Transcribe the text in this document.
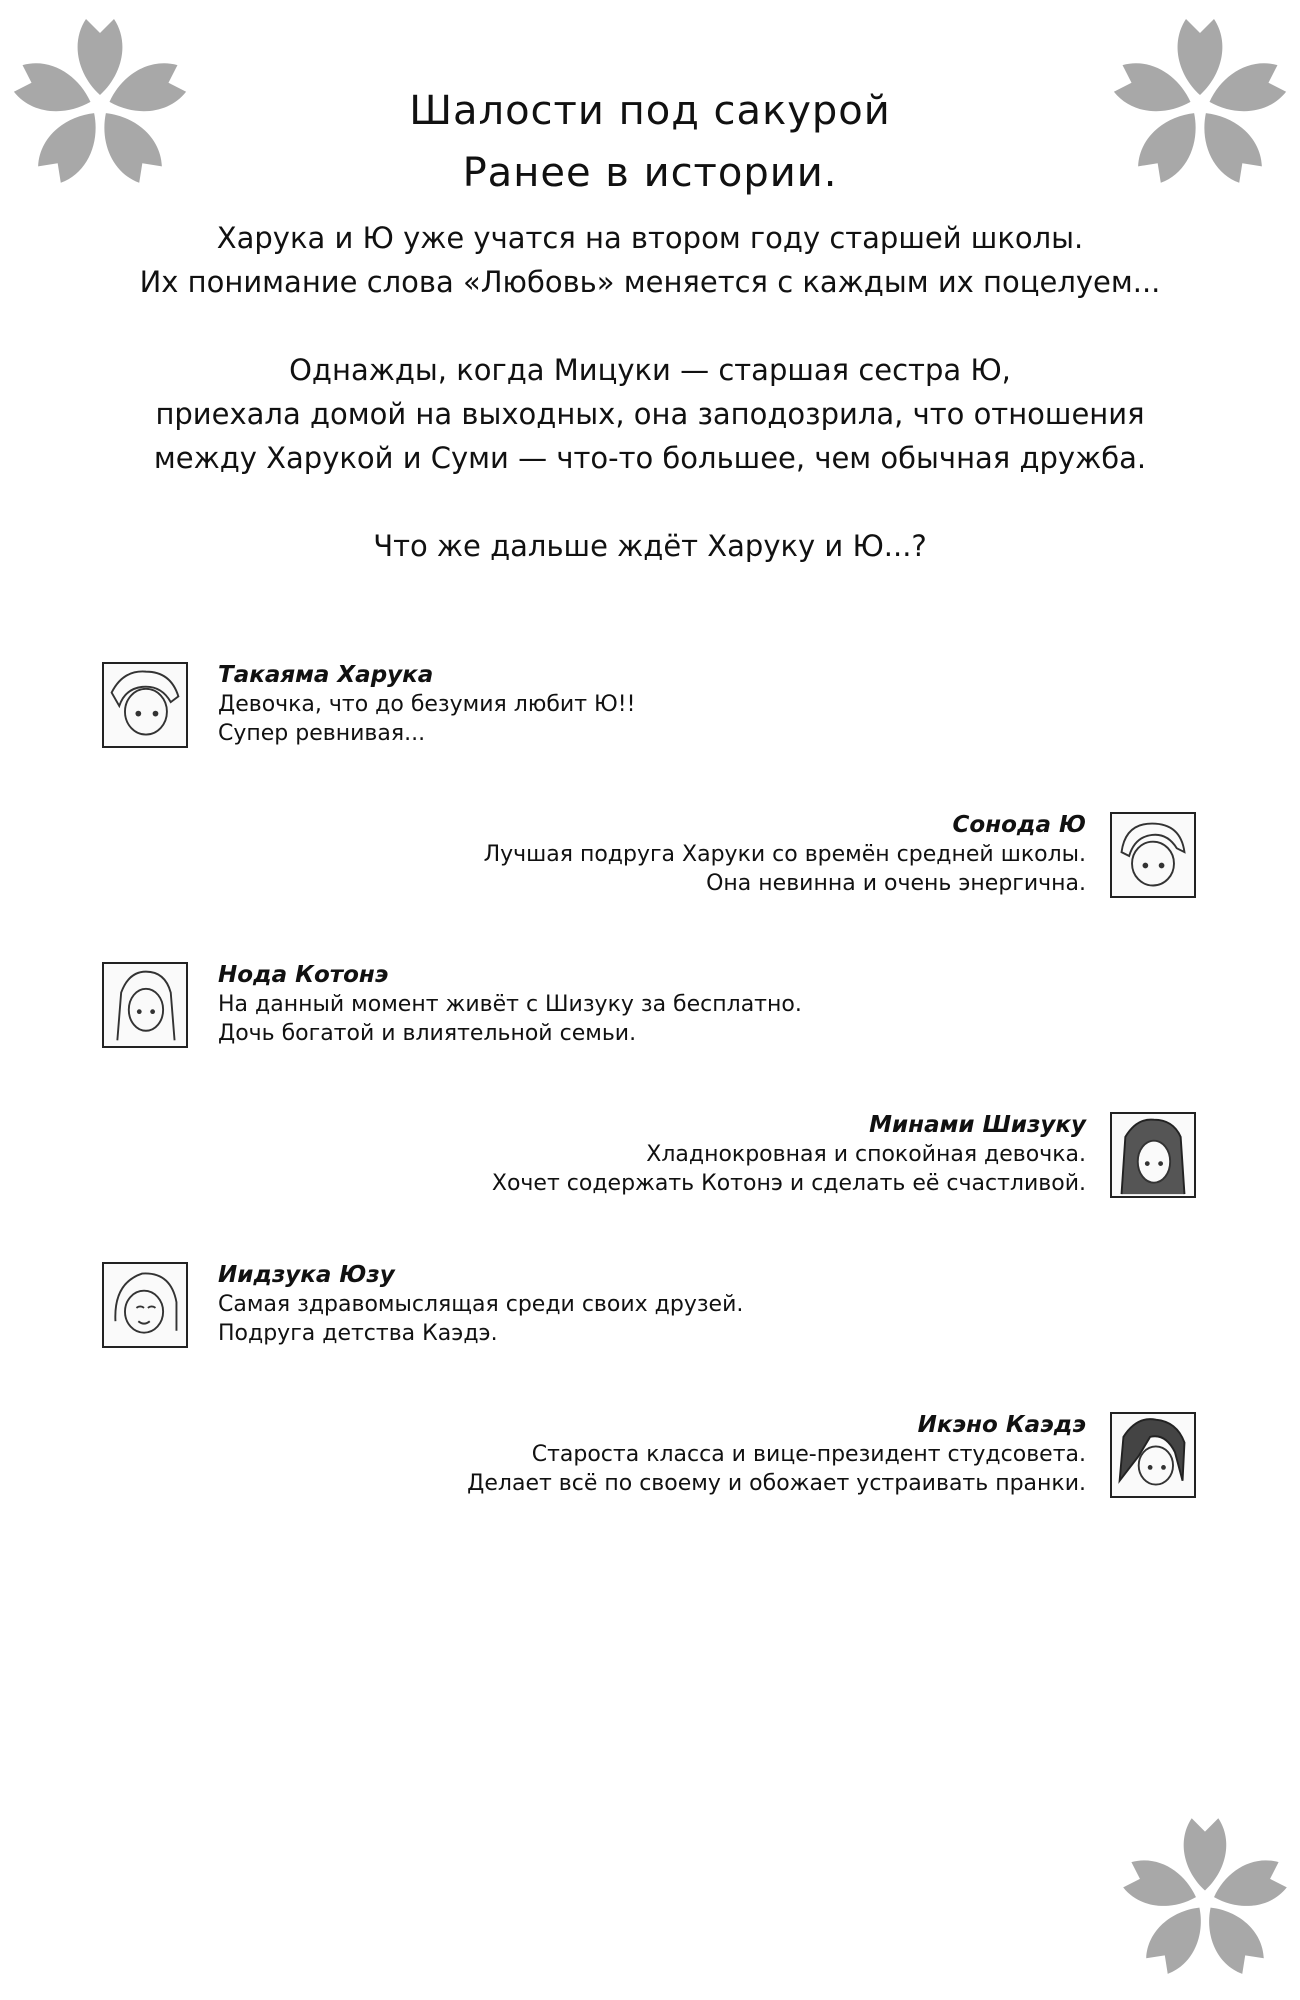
Шалости под сакурой
Ранее в истории.

Харука и Ю уже учатся на втором году старшей школы.
Их понимание слова «Любовь» меняется с каждым их поцелуем...

Однажды, когда Мицуки — старшая сестра Ю,
приехала домой на выходных, она заподозрила, что отношения
между Харукой и Суми — что-то большее, чем обычная дружба.

Что же дальше ждёт Харуку и Ю...?

Такаяма Харука
Девочка, что до безумия любит Ю!!
Супер ревнивая...
Сонода Ю
Лучшая подруга Харуки со времён средней школы.
Она невинна и очень энергична.
Нода Котонэ
На данный момент живёт с Шизуку за бесплатно.
Дочь богатой и влиятельной семьи.
Минами Шизуку
Хладнокровная и спокойная девочка.
Хочет содержать Котонэ и сделать её счастливой.
Иидзука Юзу
Самая здравомыслящая среди своих друзей.
Подруга детства Каэдэ.
Икэно Каэдэ
Староста класса и вице-президент студсовета.
Делает всё по своему и обожает устраивать пранки.
